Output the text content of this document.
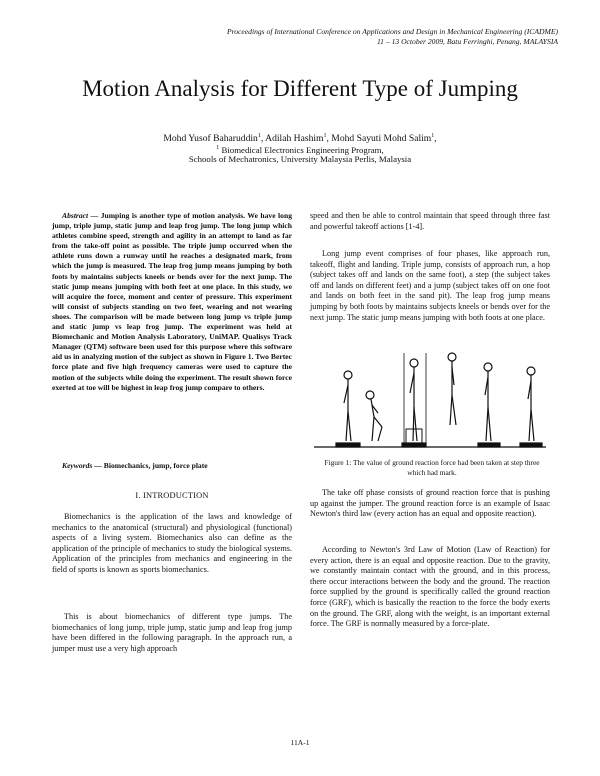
Proceedings of International Conference on Applications and Design in Mechanical Engineering (ICADME)
11 – 13 October 2009, Batu Ferringhi, Penang, MALAYSIA
Motion Analysis for Different Type of Jumping
Mohd Yusof Baharuddin$^1$, Adilah Hashim$^1$, Mohd Sayuti Mohd Salim$^1$,
$^1$ Biomedical Electronics Engineering Program,
Schools of Mechatronics, University Malaysia Perlis, Malaysia
Abstract — Jumping is another type of motion analysis. We have long jump, triple jump, static jump and leap frog jump. The long jump which athletes combine speed, strength and agility in an attempt to land as far from the take-off point as possible. The triple jump occurred when the athlete runs down a runway until he reaches a designated mark, from which the jump is measured. The leap frog jump means jumping by both foots by maintains subjects kneels or bends over for the next jump. The static jump means jumping with both feet at one place. In this study, we will acquire the force, moment and center of pressure. This experiment will consist of subjects standing on two feet, wearing and not wearing shoes. The comparison will be made between long jump vs triple jump and static jump vs leap frog jump. The experiment was held at Biomechanic and Motion Analysis Laboratory, UniMAP. Qualisys Track Manager (QTM) software been used for this purpose where this software aid us in analyzing motion of the subject as shown in Figure 1. Two Bertec force plate and five high frequency cameras were used to capture the motion of the subjects while doing the experiment. The result shown force exerted at toe will be highest in leap frog jump compare to others.
Keywords — Biomechanics, jump, force plate
I. INTRODUCTION
Biomechanics is the application of the laws and knowledge of mechanics to the anatomical (structural) and physiological (functional) aspects of a living system. Biomechanics also can define as the application of the principle of mechanics to study the biological systems. Application of the principles from mechanics and engineering in the field of sports is known as sports biomechanics.
This is about biomechanics of different type jumps. The biomechanics of long jump, triple jump, static jump and leap frog jump have been differed in the following paragraph. In the approach run, a jumper must use a very high approach
speed and then be able to control maintain that speed through three fast and powerful takeoff actions [1-4].
Long jump event comprises of four phases, like approach run, takeoff, flight and landing. Triple jump, consists of approach run, a hop (subject takes off and lands on the same foot), a step (the subject takes off and lands on different feet) and a jump (subject takes off on one foot and lands on both feet in the sand pit). The leap frog jump means jumping by both foots by maintains subjects kneels or bends over for the next jump. The static jump means jumping with both foots at one place.
Figure 1: The value of ground reaction force had been taken at step three which had mark.
The take off phase consists of ground reaction force that is pushing up against the jumper. The ground reaction force is an example of Isaac Newton's third law (every action has an equal and opposite reaction).
According to Newton's 3rd Law of Motion (Law of Reaction) for every action, there is an equal and opposite reaction. Due to the gravity, we constantly maintain contact with the ground, and in this process, there occur interactions between the body and the ground. The reaction force supplied by the ground is specifically called the ground reaction force (GRF), which is basically the reaction to the force the body exerts on the ground. The GRF, along with the weight, is an important external force. The GRF is normally measured by a force-plate.
11A-1
